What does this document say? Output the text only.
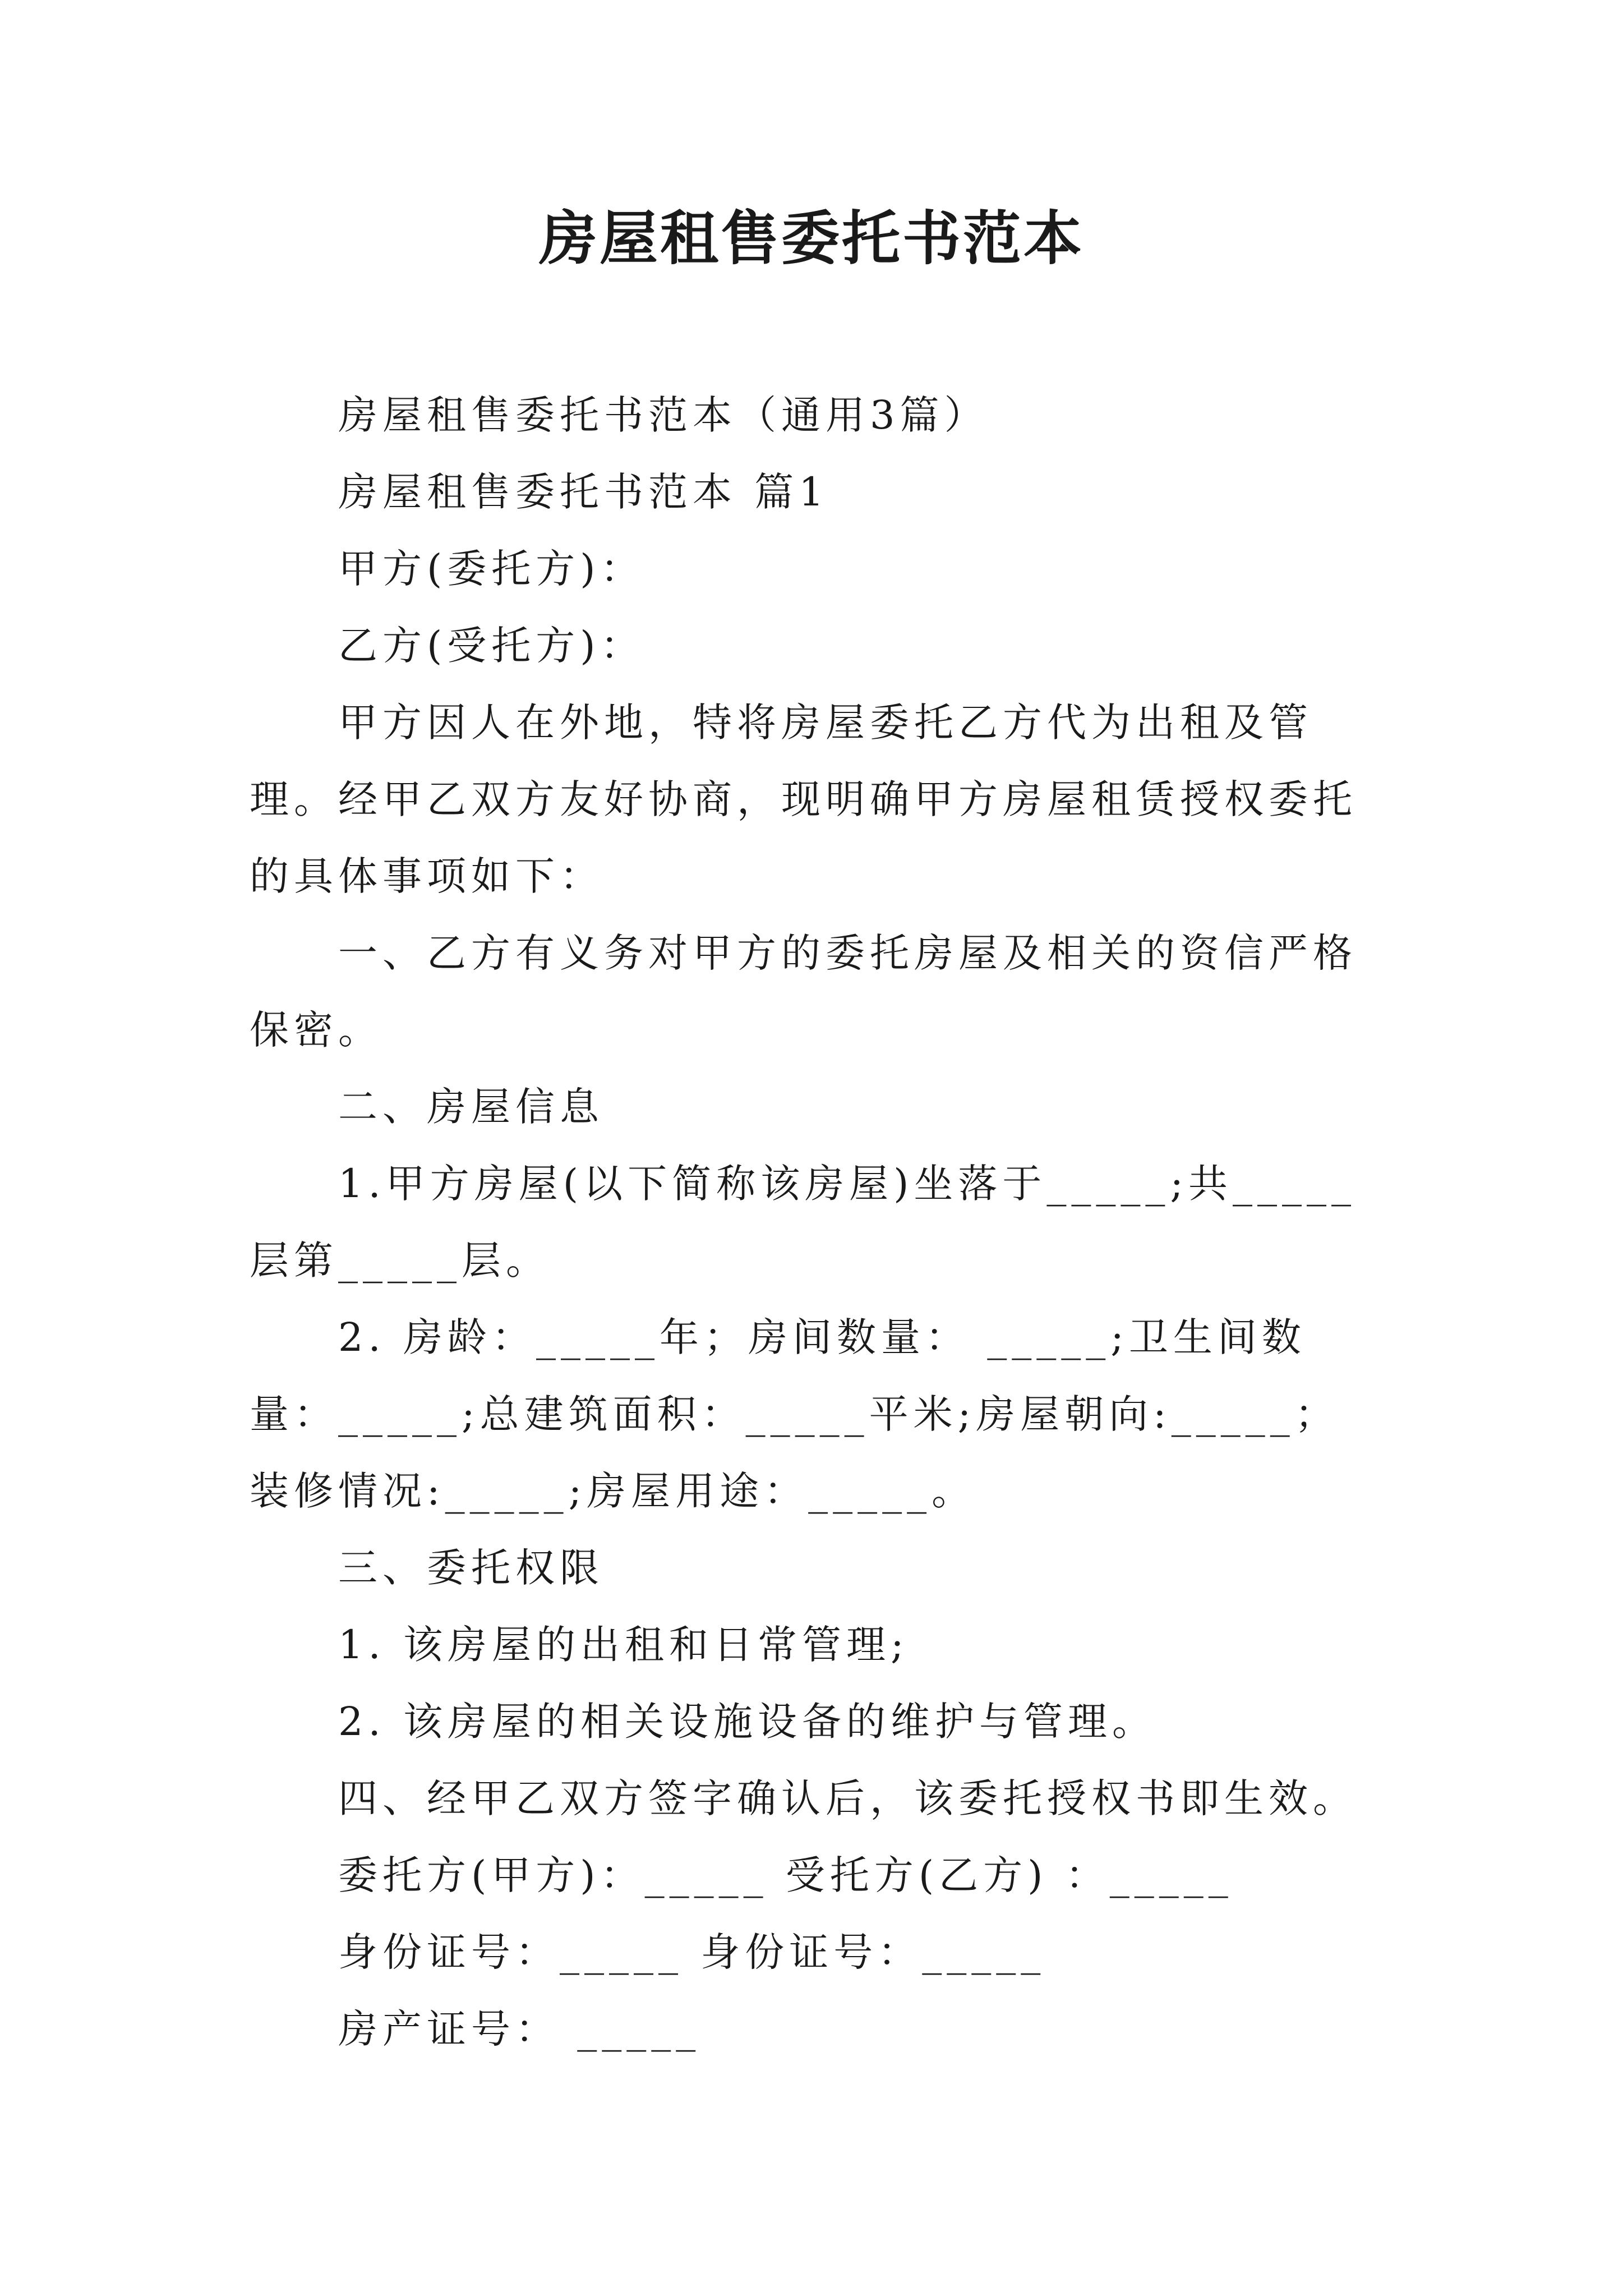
房屋租售委托书范本

房屋租售委托书范本（通用3篇）

房屋租售委托书范本 篇1

甲方(委托方)：

乙方(受托方)：

甲方因人在外地，特将房屋委托乙方代为出租及管理。经甲乙双方友好协商，现明确甲方房屋租赁授权委托的具体事项如下：

一、乙方有义务对甲方的委托房屋及相关的资信严格保密。

二、房屋信息

1.甲方房屋(以下简称该房屋)坐落于_____;共_____层第_____层。

2. 房龄：_____年；房间数量： _____;卫生间数量：_____;总建筑面积：_____平米;房屋朝向:_____； 装修情况:_____;房屋用途：_____。

三、委托权限

1. 该房屋的出租和日常管理;

2. 该房屋的相关设施设备的维护与管理。

四、经甲乙双方签字确认后，该委托授权书即生效。

委托方(甲方)：_____ 受托方(乙方) ：_____

身份证号：_____ 身份证号：_____

房产证号： _____
